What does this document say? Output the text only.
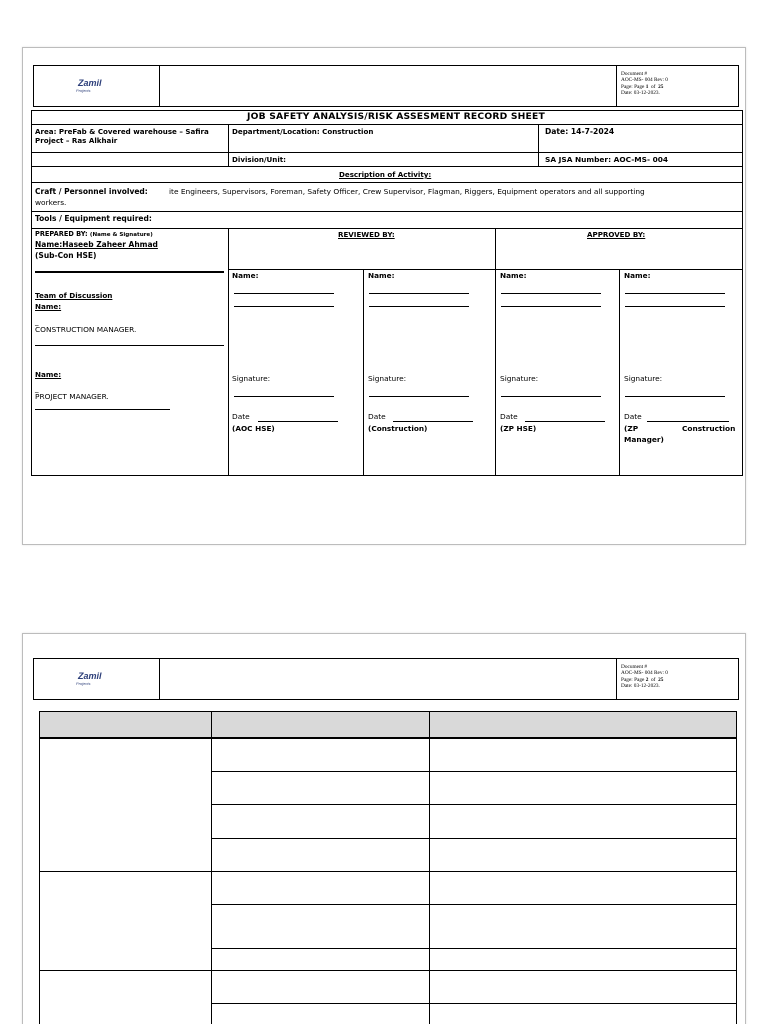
Zamil
Projects
Document #
AOC-MS- 004 Rev: 0
Page: Page 1 of 25
Date: 03-12-2023.
JOB SAFETY ANALYSIS/RISK ASSESMENT RECORD SHEET
Area: PreFab & Covered warehouse – Safira
Project – Ras Alkhair
Department/Location: Construction	Date: 14-7-2024
Division/Unit:	SA JSA Number: AOC-MS- 004
Description of Activity:
Craft / Personnel involved:	ite Engineers, Supervisors, Foreman, Safety Officer, Crew Supervisor, Flagman, Riggers, Equipment operators and all supporting
workers.
Tools / Equipment required:
PREPARED BY: (Name & Signature)
Name:Haseeb Zaheer Ahmad
(Sub-Con HSE)
Team of Discussion
Name:
_
CONSTRUCTION MANAGER.
Name:
_
PROJECT MANAGER.
REVIEWED BY:	APPROVED BY:
Name:
Signature:
Date
(AOC HSE)
Name:
Signature:
Date
(Construction)
Name:
Signature:
Date
(ZP HSE)
Name:
Signature:
Date
(ZP	Construction
Manager)
Zamil
Projects
Document #
AOC-MS- 004 Rev: 0
Page: Page 2 of 25
Date: 03-12-2023.
